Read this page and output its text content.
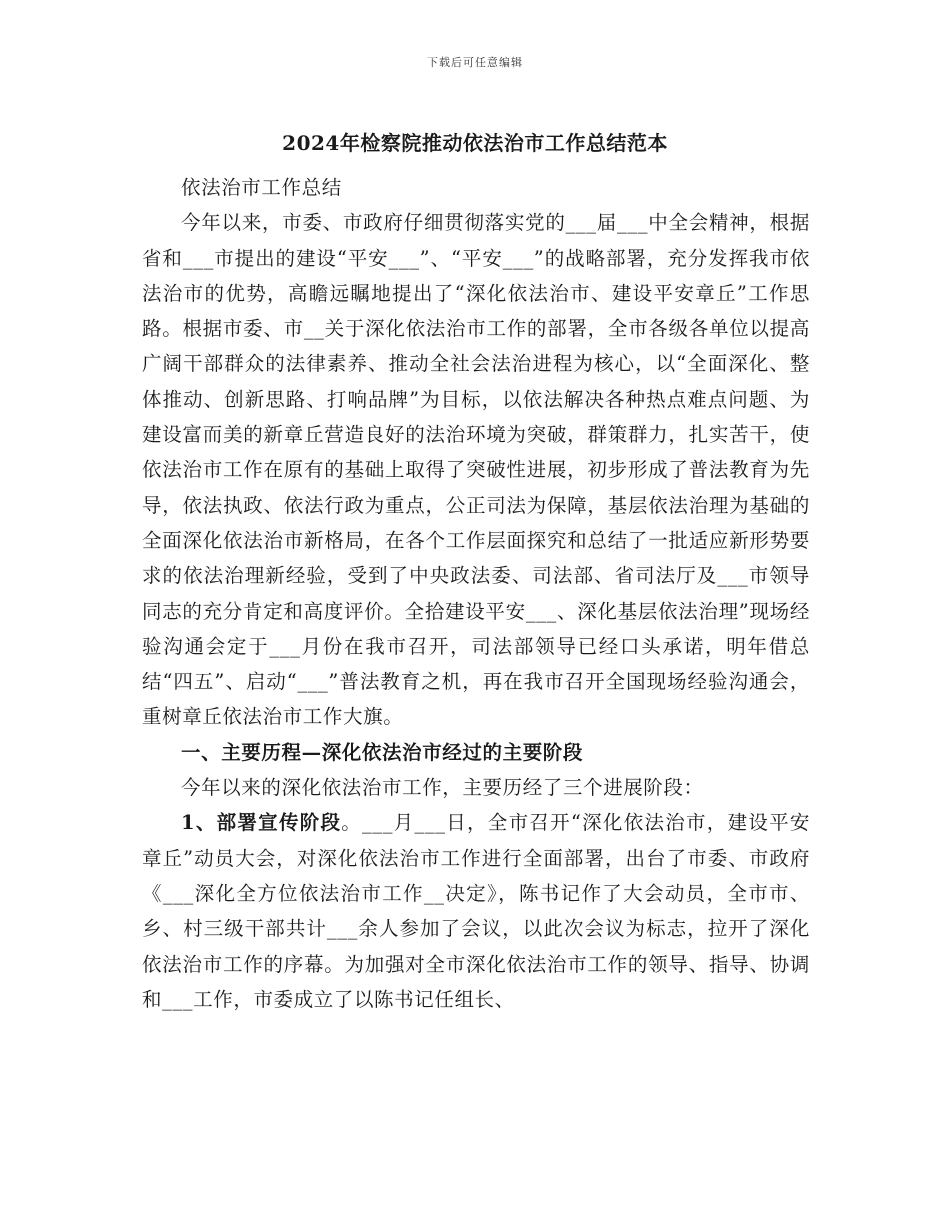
下载后可任意编辑
2024年检察院推动依法治市工作总结范本

依法治市工作总结

今年以来，市委、市政府仔细贯彻落实党的___届___中全会精神，根据省和___市提出的建设“平安___”、“平安___”的战略部署，充分发挥我市依法治市的优势，高瞻远瞩地提出了“深化依法治市、建设平安章丘”工作思路。根据市委、市__关于深化依法治市工作的部署，全市各级各单位以提高广阔干部群众的法律素养、推动全社会法治进程为核心，以“全面深化、整体推动、创新思路、打响品牌”为目标，以依法解决各种热点难点问题、为建设富而美的新章丘营造良好的法治环境为突破，群策群力，扎实苦干，使依法治市工作在原有的基础上取得了突破性进展，初步形成了普法教育为先导，依法执政、依法行政为重点，公正司法为保障，基层依法治理为基础的全面深化依法治市新格局，在各个工作层面探究和总结了一批适应新形势要求的依法治理新经验，受到了中央政法委、司法部、省司法厅及___市领导同志的充分肯定和高度评价。全拾建设平安___、深化基层依法治理”现场经验沟通会定于___月份在我市召开，司法部领导已经口头承诺，明年借总结“四五”、启动“___”普法教育之机，再在我市召开全国现场经验沟通会，重树章丘依法治市工作大旗。

一、主要历程—深化依法治市经过的主要阶段

今年以来的深化依法治市工作，主要历经了三个进展阶段：

1、部署宣传阶段。___月___日，全市召开“深化依法治市，建设平安章丘”动员大会，对深化依法治市工作进行全面部署，出台了市委、市政府《___深化全方位依法治市工作__决定》，陈书记作了大会动员，全市市、乡、村三级干部共计___余人参加了会议，以此次会议为标志，拉开了深化依法治市工作的序幕。为加强对全市深化依法治市工作的领导、指导、协调和___工作，市委成立了以陈书记任组长、
